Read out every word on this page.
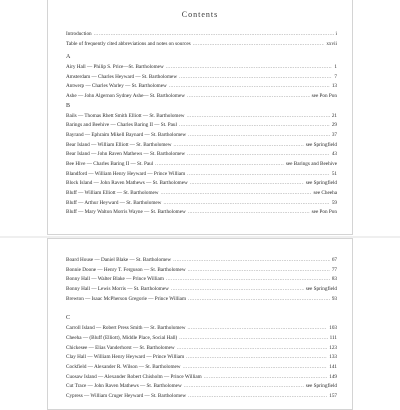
Contents
Introduction .....	i
Table of frequently cited abbreviations and notes on sources .....	xxvii
A
Airy Hall — Philip S. Price—St. Bartholomew .....	1
Amsterdam — Charles Heyward — St. Bartholomew .....	7
Antwerp — Charles Warley — St. Bartholomew .....	13
Ashe — John Algernon Sydney Ashe— St. Bartholomew .....	see Pon Pon
B
Bails — Thomas Rhett Smith Elliott — St. Bartholomew .....	21
Barings and Beehive — Charles Baring II — St. Paul .....	29
Bayrand — Ephraim Mikell Baynard — St. Bartholomew .....	37
Bear Island — William Elliott — St. Bartholomew .....	see Springfield
Bear Island — John Raven Mathews — St. Bartholomew .....	43
Bee Hive — Charles Baring II — St. Paul .....	see Barings and Beehive
Blandford — William Henry Heyward — Prince William .....	51
Block Island — John Raven Mathews — St. Bartholomew .....	see Springfield
Bluff — William Elliott — St. Bartholomew .....	see Cheeha
Bluff — Arthur Heyward — St. Bartholomew .....	59
Bluff — Mary Walton Morris Wayne — St. Bartholomew .....	see Pon Pon
Board House — Daniel Blake — St. Bartholomew .....	67
Bonnie Doone — Henry T. Ferguson — St. Bartholomew .....	77
Bonny Hall — Walter Blake — Prince William .....	83
Bonny Hall — Lewis Morris — St. Bartholomew .....	see Springfield
Brewton — Isaac McPherson Gregorie — Prince William .....	93
C
Carroll Island — Robert Press Smith — St. Bartholomew .....	103
Cheeha — (Bluff (Elliott), Middle Place, Social Hall) .....	111
Chickesee — Elias Vanderhorst — St. Bartholomew .....	123
Clay Hall — William Henry Heyward — Prince William .....	133
Cockfield — Alexander R. Wilson — St. Bartholomew .....	141
Cuosaw Island — Alexander Robert Chisholm — Prince William .....	149
Cut Trace — John Raven Mathews — St. Bartholomew .....	see Springfield
Cypress — William Cruger Heyward — St. Bartholomew .....	157
